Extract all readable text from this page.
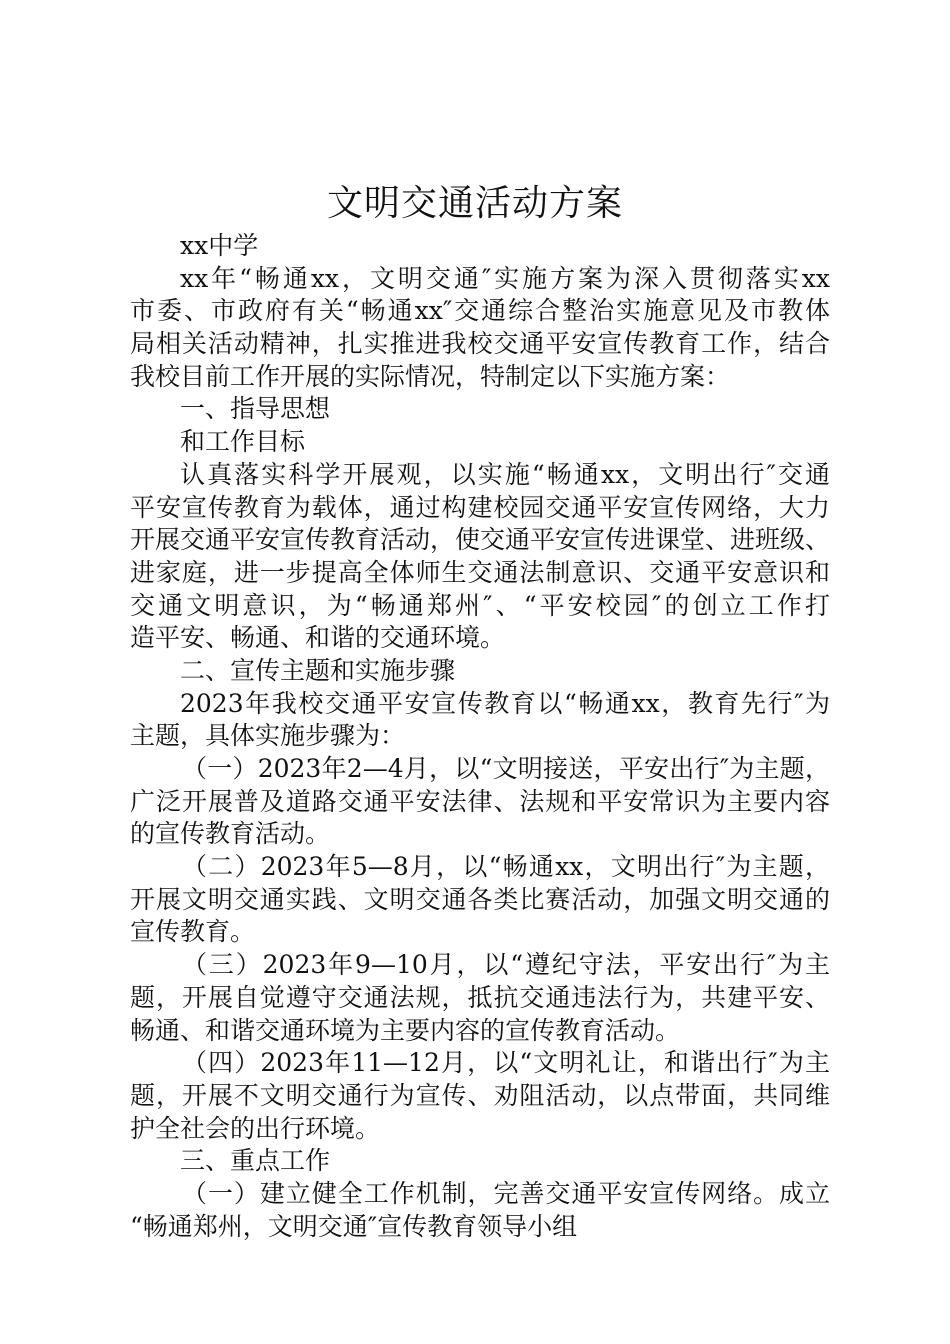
文明交通活动方案
xx中学
xx年“畅通xx，文明交通″实施方案为深入贯彻落实xx
市委、市政府有关“畅通xx″交通综合整治实施意见及市教体
局相关活动精神，扎实推进我校交通平安宣传教育工作，结合
我校目前工作开展的实际情况，特制定以下实施方案：
一、指导思想
和工作目标
认真落实科学开展观，以实施“畅通xx，文明出行″交通
平安宣传教育为载体，通过构建校园交通平安宣传网络，大力
开展交通平安宣传教育活动，使交通平安宣传进课堂、进班级、
进家庭，进一步提高全体师生交通法制意识、交通平安意识和
交通文明意识，为“畅通郑州″、“平安校园″的创立工作打
造平安、畅通、和谐的交通环境。
二、宣传主题和实施步骤
2023年我校交通平安宣传教育以“畅通xx，教育先行″为
主题，具体实施步骤为：
（一）2023年2—4月，以“文明接送，平安出行″为主题，
广泛开展普及道路交通平安法律、法规和平安常识为主要内容
的宣传教育活动。
（二）2023年5—8月，以“畅通xx，文明出行″为主题，
开展文明交通实践、文明交通各类比赛活动，加强文明交通的
宣传教育。
（三）2023年9—10月，以“遵纪守法，平安出行″为主
题，开展自觉遵守交通法规，抵抗交通违法行为，共建平安、
畅通、和谐交通环境为主要内容的宣传教育活动。
（四）2023年11—12月，以“文明礼让，和谐出行″为主
题，开展不文明交通行为宣传、劝阻活动，以点带面，共同维
护全社会的出行环境。
三、重点工作
（一）建立健全工作机制，完善交通平安宣传网络。成立
“畅通郑州，文明交通″宣传教育领导小组
